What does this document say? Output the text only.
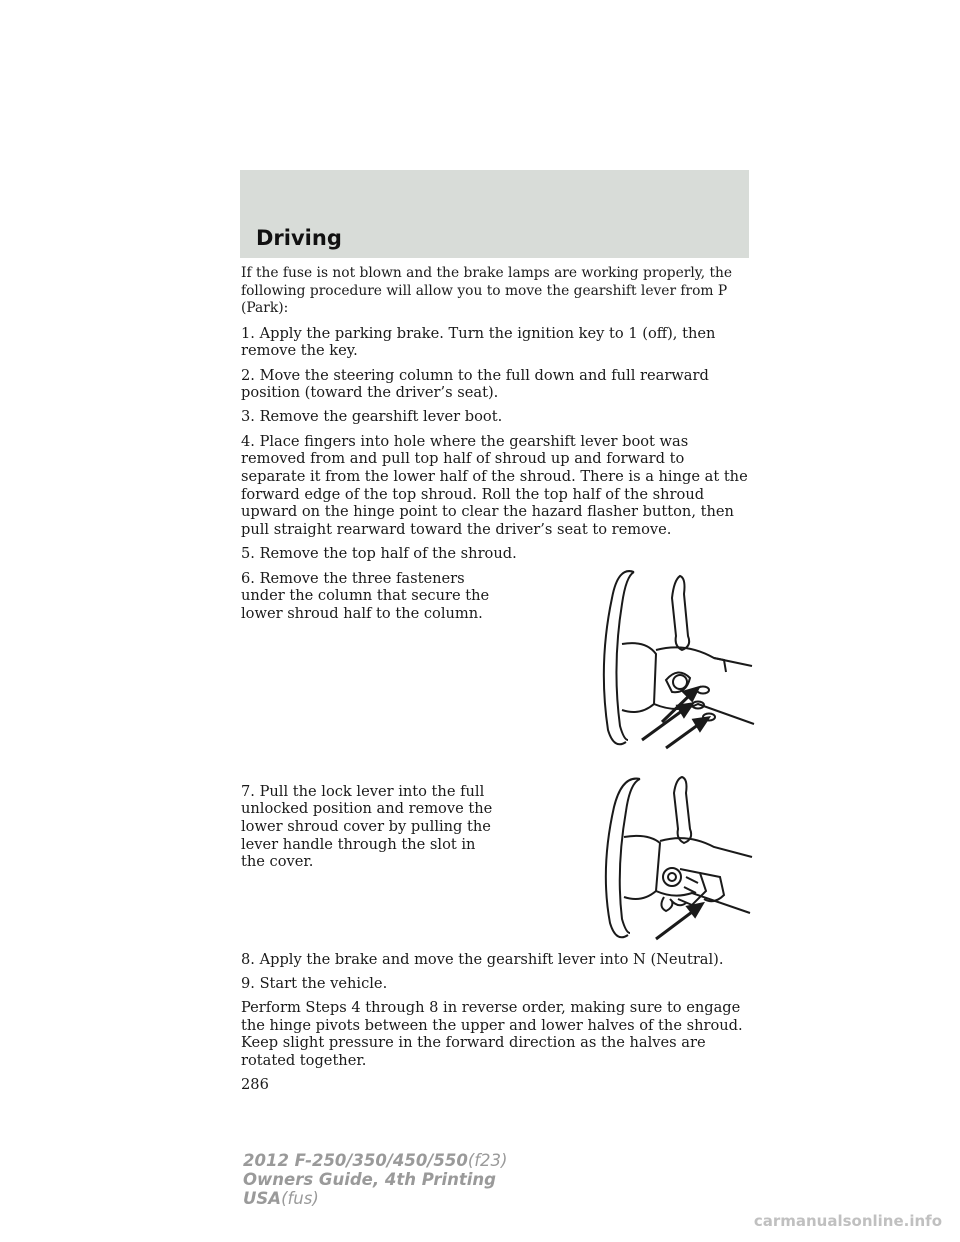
Driving

If the fuse is not blown and the brake lamps are working properly, the following procedure will allow you to move the gearshift lever from P (Park):

1. Apply the parking brake. Turn the ignition key to 1 (off), then remove the key.

2. Move the steering column to the full down and full rearward position (toward the driver’s seat).

3. Remove the gearshift lever boot.

4. Place fingers into hole where the gearshift lever boot was removed from and pull top half of shroud up and forward to separate it from the lower half of the shroud. There is a hinge at the forward edge of the top shroud. Roll the top half of the shroud upward on the hinge point to clear the hazard flasher button, then pull straight rearward toward the driver’s seat to remove.

5. Remove the top half of the shroud.

6. Remove the three fasteners under the column that secure the lower shroud half to the column.

7. Pull the lock lever into the full unlocked position and remove the lower shroud cover by pulling the lever handle through the slot in the cover.

8. Apply the brake and move the gearshift lever into N (Neutral).

9. Start the vehicle.

Perform Steps 4 through 8 in reverse order, making sure to engage the hinge pivots between the upper and lower halves of the shroud. Keep slight pressure in the forward direction as the halves are rotated together.

286
2012 F-250/350/450/550(f23)
Owners Guide, 4th Printing
USA(fus)
carmanualsonline.info
